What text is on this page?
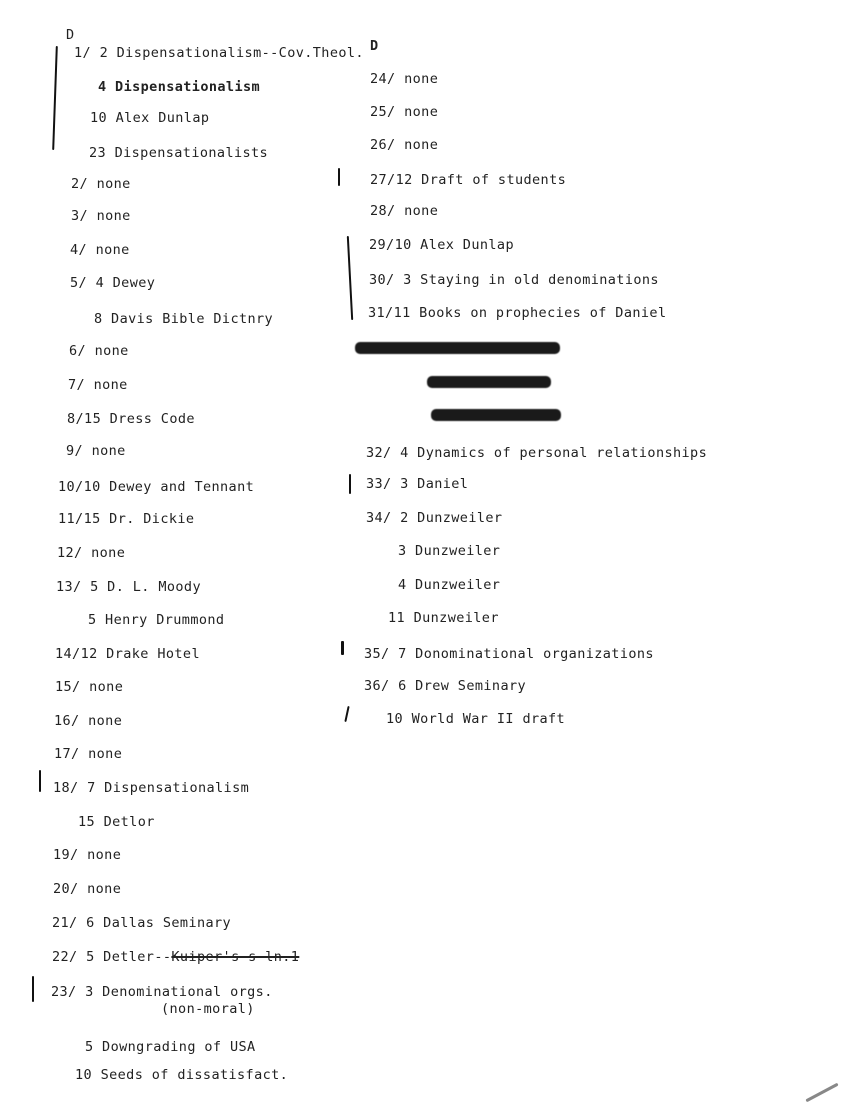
D
D
1/ 2 Dispensationalism--Cov.Theol.
4 Dispensationalism
10 Alex Dunlap
23 Dispensationalists
2/ none
3/ none
4/ none
5/ 4 Dewey
8 Davis Bible Dictnry
6/ none
7/ none
8/15 Dress Code
9/ none
10/10 Dewey and Tennant
11/15 Dr. Dickie
12/ none
13/ 5 D. L. Moody
5 Henry Drummond
14/12 Drake Hotel
15/ none
16/ none
17/ none
18/ 7 Dispensationalism
15 Detlor
19/ none
20/ none
21/ 6 Dallas Seminary
22/ 5 Detler--Kuiper's s ln.1
23/ 3 Denominational orgs.
(non-moral)
5 Downgrading of USA
10 Seeds of dissatisfact.
24/ none
25/ none
26/ none
27/12 Draft of students
28/ none
29/10 Alex Dunlap
30/ 3 Staying in old denominations
31/11 Books on prophecies of Daniel
32/ 4 Dynamics of personal relationships
33/ 3 Daniel
34/ 2 Dunzweiler
3 Dunzweiler
4 Dunzweiler
11 Dunzweiler
35/ 7 Donominational organizations
36/ 6 Drew Seminary
10 World War II draft
